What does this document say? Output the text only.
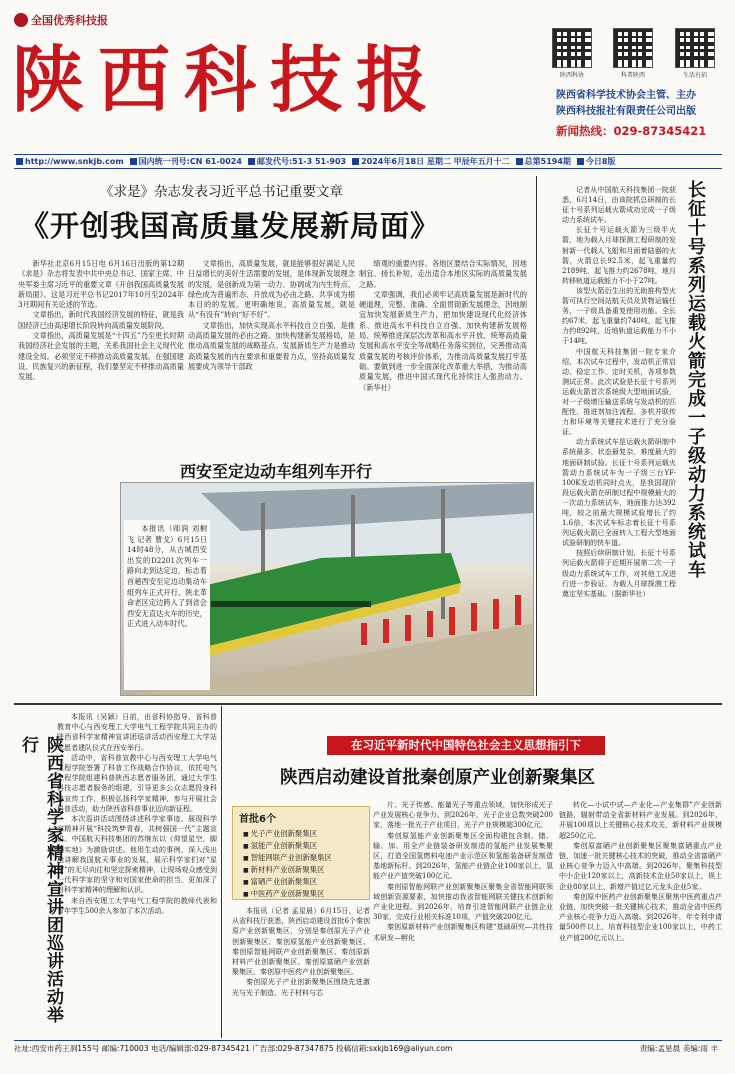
全国优秀科技报
陕西科技报	陕西科协	科普陕西	生活有招
陕西省科学技术协会主管、主办
陕西科技报社有限责任公司出版
新闻热线：029-87345421
http://www.snkjb.com	国内统一刊号:CN 61-0024	邮发代号:51-3 51-903	2024年6月18日 星期二 甲辰年五月十二	总第5194期	今日8版
《求是》杂志发表习近平总书记重要文章
《开创我国高质量发展新局面》

新华社北京6月15日电 6月16日出版的第12期《求是》杂志将发表中共中央总书记、国家主席、中央军委主席习近平的重要文章《开创我国高质量发展新局面》。这是习近平总书记2017年10月至2024年3月期间有关论述的节选。

文章指出，新时代我国经济发展的特征，就是我国经济已由高速增长阶段转向高质量发展阶段。

文章指出，高质量发展是“十四五”乃至更长时期我国经济社会发展的主题，关系我国社会主义现代化建设全局。必须坚定不移推动高质量发展。在强国建设、民族复兴的新征程，我们要坚定不移推动高质量发展。

文章指出，高质量发展，就是能够很好满足人民日益增长的美好生活需要的发展，是体现新发展理念的发展，是创新成为第一动力、协调成为内生特点、绿色成为普遍形态、开放成为必由之路、共享成为根本目的的发展。更明确地说，高质量发展，就是从“有没有”转向“好不好”。

文章指出，加快实现高水平科技自立自强，是推动高质量发展的必由之路。加快构建新发展格局，是推动高质量发展的战略基点。发展新质生产力是推动高质量发展的内在要求和重要着力点，坚持高质量发展要成为领导干部政

绩观的重要内容。各地区要结合实际情况，因地制宜、扬长补短，走出适合本地区实际的高质量发展之路。

文章强调，我们必须牢记高质量发展是新时代的硬道理，完整、准确、全面贯彻新发展理念，因地制宜加快发展新质生产力，把加快建设现代化经济体系、推进高水平科技自立自强、加快构建新发展格局、统筹推进深层次改革和高水平开放、统筹高质量发展和高水平安全等战略任务落实到位，完善推动高质量发展的考核评价体系，为推动高质量发展打牢基础。要做到进一步全面深化改革重大举措，为推动高质量发展，推进中国式现代化持续注入强劲动力。（新华社）	长征十号系列运载火箭完成一子级动力系统试车

记者从中国航天科技集团一院获悉，6月14日，由该院抓总研制的长征十号系列运载火箭成功完成一子级动力系统试车。

长征十号运载火箭为三级半火箭，地为载人月球探测工程研制的发射新一代载人飞船和月面着陆器的火箭，火箭总长92.5米，起飞重量约2189吨，起飞推力约2678吨，地月转移轨道运载能力不小于27吨。

该型火箭衍生出的无助推构型火箭可执行空间站航天员及货物运输任务，一子级具备重复使用功能。全长约67米，起飞重量约740吨，起飞推力约892吨，近地轨道运载能力不小于14吨。

中国航天科技集团一院专家介绍，本次试车过程中，发动机正常启动、稳定工作、定时关机，各项参数测试正常。此次试验是长征十号系列运载火箭首次系统级大型地面试验，对一子级增压输送系统与发动机的匹配性、推进剂加注流程、多机并联传力和环境等关键技术进行了充分验证。

动力系统试车是运载火箭研制中系统最多、状态最复杂、难度最大的地面研制试验。长征十号系列运载火箭动力系统试车为一子级三台YF-100K发动机同时点火，是我国现阶段运载火箭在研制过程中规模最大的一次动力系统试车，地面推力达392吨，较之前最大规模试验增长了约1.6倍，本次试车标志着长征十号系列运载火箭已全面转入工程大型地面试验研制的快车道。

按照后续研制计划，长征十号系列运载火箭将于近期开展第二次一子级动力系统试车工作，对其他工况进行进一步验证，为载人月球探测工程奠定坚实基础。（据新华社）

西安至定边动车组列车开行

本报讯（师润 刘桐飞 记者 曹戈）6月15日14时48分，从古城西安出发的D2201次列车一路向北到达定边，标志着首趟西安至定边动集动车组列车正式开行，陕北革命老区定边跨入了到省会西安无直达火车的历史，正式进入动车时代。

陕西省科学家精神宣讲团巡讲活动举行

本报讯（吴颖）日前，由省科协指导，省科普教育中心与西安理工大学电气工程学院共同主办的陕西省科学家精神宣讲团巡讲活动西安理工大学站志愿者建队仪式在西安举行。

活动中，省科普宣教中心与西安理工大学电气工程学院签署了科普工作战略合作协议，依托电气工程学院组建科普陕西志愿者服务团，通过大学生科技志愿者服务的组建，引导更多公众志愿投身科普宣传工作，积极弘扬科学家精神，参与开展社会科普活动，助力陕西省科普事业迈向新征程。

本次巡讲活动围绕讲述科学家事迹、展现科学家精神开展“科技筑梦青春，共树强国一代”主题宣讲。中国航天科技集团的苏继东以《仰望星空，脚踏实地》为激励讲述。他用生动的事例，深入浅出地讲解我国航天事业的发展，展示科学家们对“星空”的无尽向往和坚定探索精神，让现场观众感受到一代科学家的坚守和对国家使命的担当，更加深了对科学家精神的理解和认识。

来自西安理工大学电气工程学院的教师代表和青年学生500余人参加了本次活动。

在习近平新时代中国特色社会主义思想指引下
陕西启动建设首批秦创原产业创新聚集区
首批6个
■ 光子产业创新聚集区
■ 氢能产业创新聚集区
■ 智能网联产业创新聚集区
■ 新材料产业创新聚集区
■ 富硒产业创新聚集区
■ 中医药产业创新聚集区

本报讯（记者 孟星晨）6月15日，记者从省科技厅获悉，陕西启动建设首批6个秦创原产业创新聚集区，分别是秦创原光子产业创新聚集区、秦创原氢能产业创新聚集区、秦创原智能网联产业创新聚集区、秦创原新材料产业创新聚集区、秦创原富硒产业创新聚集区、秦创原中医药产业创新聚集区。

秦创原光子产业创新聚集区围绕先进激光与光子制造、光子材料与芯

片、光子传感、能量光子等重点领域，加快形成光子产业发展核心竞争力。到2026年，光子企业总数突破200家，落地一批光子产业项目，光子产业规模超300亿元。

秦创原氢能产业创新聚集区全面构建包含制、储、输、加、用全产业链装备研发制造的氢能产业发展集聚区，打造全国氢燃料电池产业示范区和氢能装备研发制造基地新标杆。到2026年，氢能产业链企业100家以上，氢能产业产值突破100亿元。

秦创原智能网联产业创新聚集区聚集全省智能网联领域创新资源要素，加快推动我省智能网联关键技术创新和产业化进程。到2026年，培育引进智能网联产业链企业30家，完成行业相关标准10项，产值突破200亿元。

秦创原新材料产业创新聚集区构建“基础研究—共性技术研发—孵化

转化—小试中试—产业化—产业集群”产业创新链路，辐射带动全省新材料产业发展。到2026年，开展100项以上关键核心技术攻关，新材料产业规模超250亿元。

秦创原富硒产业创新聚集区聚集富硒重点产业链，加速一批关键核心技术的突破，推动全省富硒产业核心竞争力迈入中高端。到2026年，聚集科技型中小企业120家以上，高新技术企业50家以上，规上企业80家以上，新增产值过亿元龙头企业5家。

秦创原中医药产业创新聚集区聚焦中医药重点产业链，加快突破一批关键核心技术，推动全省中医药产业核心竞争力迈入高端。到2026年，年专利申请量500件以上，培育科技型企业100家以上，中药工业产值200亿元以上。

社址:西安市药王洞155号 邮编:710003 电话/编辑部:029-87345421 广告部:029-87347875 投稿信箱:sxkjb169@aliyun.com	责编:孟星晨 美编:雨 丰
